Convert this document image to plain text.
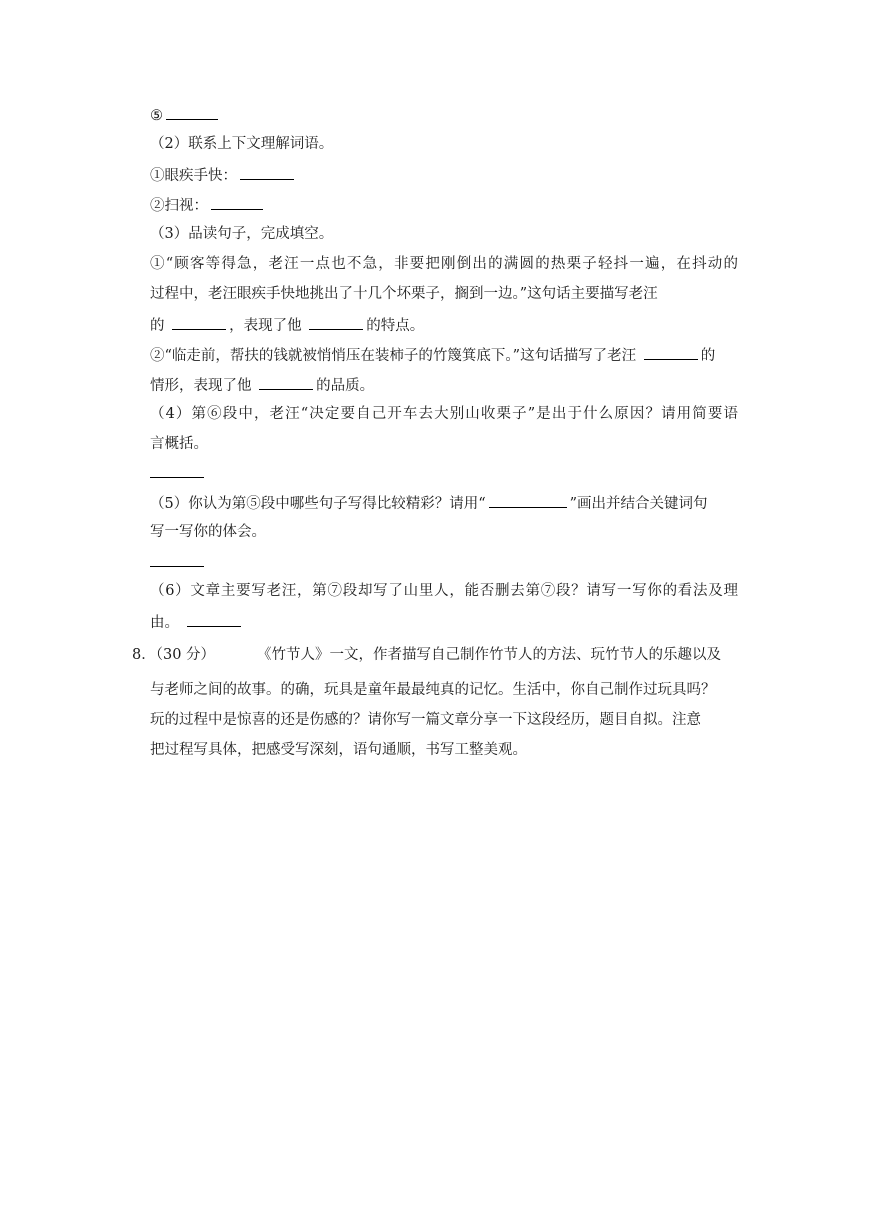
⑤
（2）联系上下文理解词语。
①眼疾手快：
②扫视：
（3）品读句子，完成填空。
①“顾客等得急，老汪一点也不急，非要把刚倒出的满圆的热栗子轻抖一遍，在抖动的
过程中，老汪眼疾手快地挑出了十几个坏栗子，搁到一边。”这句话主要描写老汪
的	，表现了他	的特点。
②“临走前，帮扶的钱就被悄悄压在装柿子的竹篾箕底下。”这句话描写了老汪	的
情形，表现了他	的品质。
（4）第⑥段中，老汪“决定要自己开车去大别山收栗子”是出于什么原因？请用简要语
言概括。
（5）你认为第⑤段中哪些句子写得比较精彩？请用“	”画出并结合关键词句
写一写你的体会。
（6）文章主要写老汪，第⑦段却写了山里人，能否删去第⑦段？请写一写你的看法及理
由。
8．（30 分）	《竹节人》一文，作者描写自己制作竹节人的方法、玩竹节人的乐趣以及
与老师之间的故事。的确，玩具是童年最最纯真的记忆。生活中，你自己制作过玩具吗？
玩的过程中是惊喜的还是伤感的？请你写一篇文章分享一下这段经历，题目自拟。注意
把过程写具体，把感受写深刻，语句通顺，书写工整美观。
